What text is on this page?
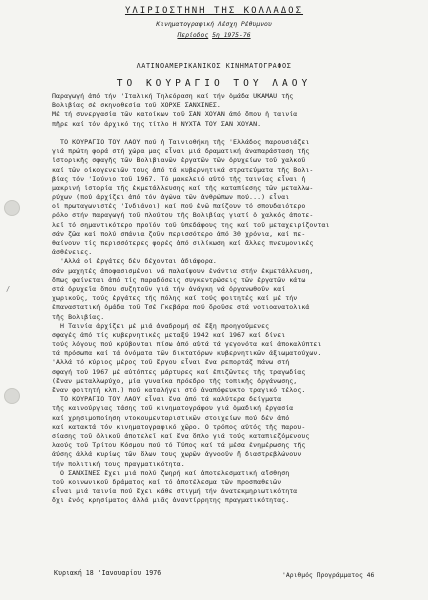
/
ΥΛΙΡΙΟΣΤΗΝΗ ΤΗΣ ΚΟΛΛΑΔΟΣ
Κινηματογραφική Λέσχη Ρέθυμνου
Περίοδος 5η 1975-76
ΛΑΤΙΝΟΑΜΕΡΙΚΑΝΙΚΟΣ ΚΙΝΗΜΑΤΟΓΡΑΦΟΣ
ΤΟ ΚΟΥΡΑΓΙΟ ΤΟΥ ΛΑΟΥ
Παραγωγή ἀπό τήν 'Ιταλική Τηλεόραση καί τήν ὁμάδα UKAMAU τῆς
Βολιβίας σέ σκηνοθεσία τοῦ ΧΟΡΧΕ ΣΑΝΧΙΝΕΣ.
Μέ τή συνεργασία τῶν κατοίκων τοῦ ΣΑΝ ΧΟΥΑΝ ἀπό ὅπου ἡ ταινία
πῆρε καί τόν ἀρχικό της τίτλο Η ΝΥΧΤΑ ΤΟΥ ΣΑΝ ΧΟΥΑΝ.
ΤΟ ΚΟΥΡΑΓΙΟ ΤΟΥ ΛΑΟΥ πού ἡ Ταινιοθήκη τῆς 'Ελλάδος παρουσιάζει
γιά πρώτη φορά στή χώρα μας εἶναι μιά δραματική ἀναπαράσταση τῆς
ἱστορικῆς σφαγῆς τῶν Βολιβιανῶν ἐργατῶν τῶν ὀρυχείων τοῦ χαλκοῦ
καί τῶν οἰκογενειῶν τους ἀπό τά κυβερνητικά στρατεύματα τῆς Βολι-
βίας τόν 'Ιούνιο τοῦ 1967. Τό μακελειό αὐτό τῆς ταινίας εἶναι ἡ
μακρινή ἱστορία τῆς ἐκμετάλλευσης καί τῆς καταπίεσης τῶν μεταλλω-
ρύχων (ποὐ ἀρχίζει ἀπό τόν ἀγώνα τῶν ἀνθρώπων πού...) εἶναι
οἱ πρωταγωνιστές 'Ινδιάνοι) καί πού ἐνῶ παίζουν τό σπουδαιότερο
ρόλο στήν παραγωγή τοῦ πλούτου τῆς Βολιβίας γιατί ὁ χαλκός ἀποτε-
λεῖ τό σημαντικότερο προϊόν τοῦ ὑπεδάφους της καί τοῦ μεταχειρίζονται
σάν ζῶα καί πολύ σπάνια ζοῦν περισσότερο ἀπό 30 χρόνια, καί πε-
θαίνουν τίς περισσότερες φορές ἀπό σιλίκωση καί ἄλλες πνευμονικές
ἀσθένειες.
'Αλλά οἱ ἐργάτες δέν δέχονται ἀδιάφορα.
σάν μαχητές ἀποφασισμένοι νά παλαίψουν ἐνάντια στήν ἐκμετάλλευση,
ὅπως φαίνεται ἀπό τίς παραδόσεις συγκεντρώσεις τῶν ἐργατῶν κάτω
στά ὀρυχεῖα ὅπου συζητοῦν γιά τήν ἀνάγκη νά ὀργανωθοῦν καί
χωρικοῦς, τούς ἐργάτες τῆς πόλης καί τούς φοιτητές καί μέ τήν
ἐπαναστατική ὁμάδα τοῦ Τσέ Γκεβάρα πού ὅροῦσε στά νοτιοανατολικά
τῆς Βολιβίας.
Η Ταινία ἀρχίζει μέ μιά ἀναδρομή σέ ἕξη προηγούμενες
σφαγές ἀπό τίς κυβερνητικές μεταξύ 1942 καί 1967 καί δίνει
τούς λόγους πού κρύβονται πίσω ἀπό αὐτά τά γεγονότα καί ἀποκαλύπτει
τά πρόσωπα καί τά ὀνόματα τῶν δικτατόρων κυβερνητικῶν ἀξιωματούχων.
'Αλλά τό κύριος μέρος τοῦ ἔργου εἶναι ἕνα ρεπορτάζ πάνω στή
σφαγή τοῦ 1967 μέ αὐτόπτες μάρτυρες καί ἐπιζῶντες τῆς τραγωδίας
(ἕναν μεταλλωρύχο, μία γυναίκα πρόεδρο τῆς τοπικῆς ὀργάνωσης,
ἕναν φοιτητή κλπ.) πού καταλήγει στό ἀναπόφευκτο τραγικό τέλος.
ΤΟ ΚΟΥΡΑΓΙΟ ΤΟΥ ΛΑΟΥ εἶναι ἕνα ἀπό τά καλύτερα δείγματα
τῆς καινούργιας τάσης τοῦ κινηματογράφου γιά ὁμαδική ἐργασία
καί χρησιμοποίηση ντοκουμενταριστικῶν στοιχείων πού δέν ἀπό
καί κατακτά τόν κινηματογραφικό χῶρο. Ο τρόπος αὐτός τῆς παρου-
σίασης τοῦ ὁλικοῦ ἀποτελεῖ καί ἕνα ὅπλο γιά τούς καταπιεζόμενους
λαούς τοῦ Τρίτου Κόσμου πού τό Τύπος καί τά μέσα ἐνημέρωσης τῆς
ἀύσης ἀλλά κυρίως τῶν ὅλων τους χωρῶν ἀγνοοῦν ἤ διαστρεβλώνουν
τήν πολιτική τους πραγματικότητα.
Ο ΣΑΝΧΙΝΕΣ ἔχει μιά πολύ ζωηρή καί ἀποτελεσματική αἴσθηση
τοῦ κοινωνικοῦ δράματος καί τό ἀποτέλεσμα τῶν προσπαθειῶν
εἶναι μιά ταινία πού ἔχει κάθε στιγμή τήν ἀνατεκμηριωτικότητα
ὄχι ἑνός κρησίματος ἀλλά μιᾶς ἀναντίρρητης πραγματικότητας.
Κυριακή 18 'Ιανουαρίου 1976	'Αριθμός Προγράμματος 46
